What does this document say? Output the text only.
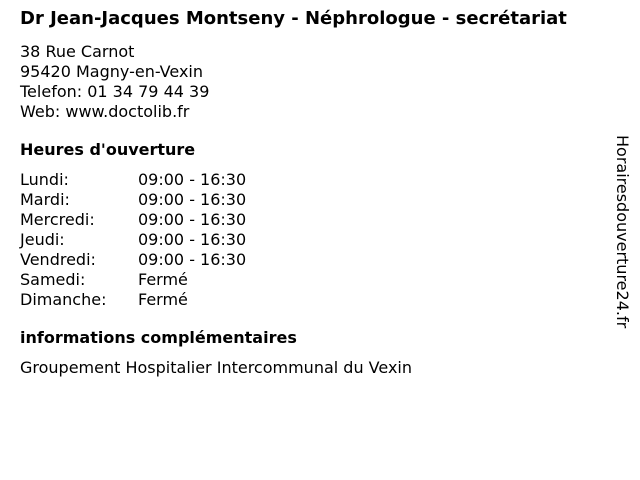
Dr Jean-Jacques Montseny - Néphrologue - secrétariat
38 Rue Carnot
95420 Magny-en-Vexin
Telefon: 01 34 79 44 39
Web: www.doctolib.fr
Heures d'ouverture
Lundi:	09:00 - 16:30
Mardi:	09:00 - 16:30
Mercredi:	09:00 - 16:30
Jeudi:	09:00 - 16:30
Vendredi:	09:00 - 16:30
Samedi:	Fermé
Dimanche:	Fermé
informations complémentaires
Groupement Hospitalier Intercommunal du Vexin
Horairesdouverture24.fr
